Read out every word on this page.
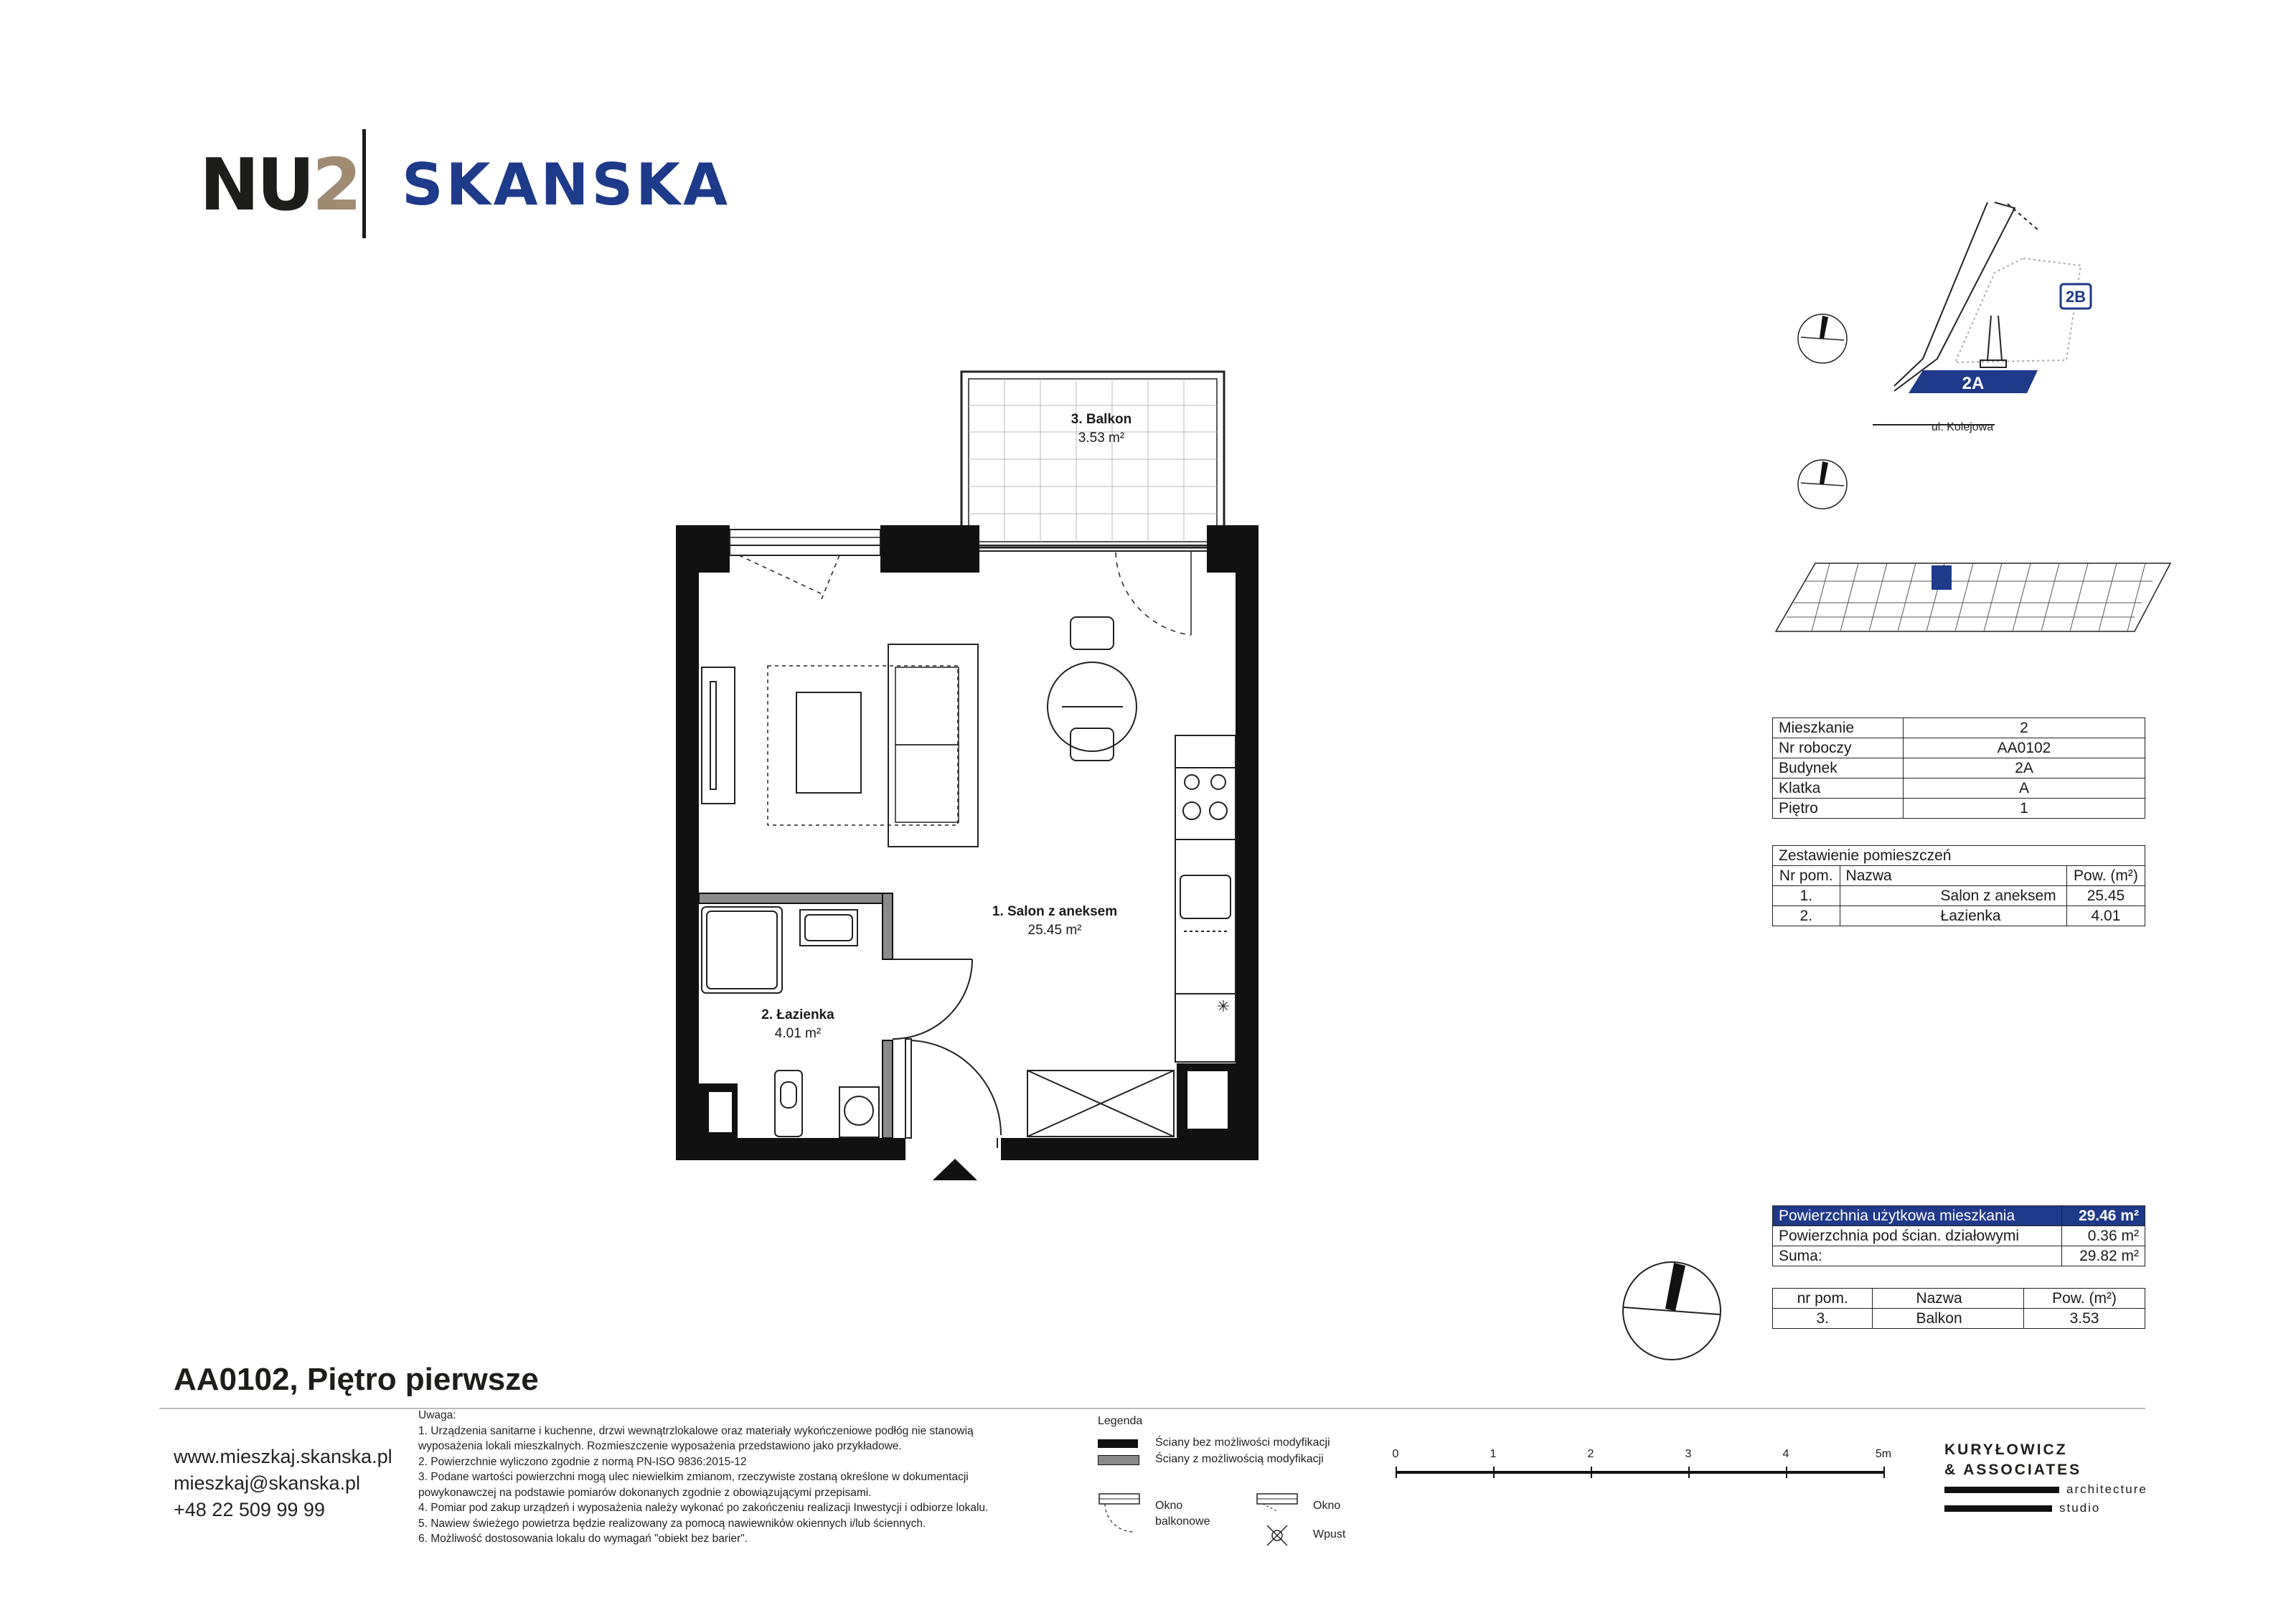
NU2 SKANSKA
✳
3. Balkon
3.53 m²
1. Salon z aneksem
25.45 m²
2. Łazienka
4.01 m²
2B
2A
ul. Kolejowa
Mieszkanie	2
Nr roboczy	AA0102
Budynek	2A
Klatka	A
Piętro	1
Zestawienie pomieszczeń		
Nr pom.	Nazwa	Pow. (m²)
1.	Salon z aneksem	25.45
2.	Łazienka	4.01
Powierzchnia użytkowa mieszkania	29.46 m²
Powierzchnia pod ścian. działowymi	0.36 m²
Suma:	29.82 m²
nr pom.	Nazwa	Pow. (m²)
3.	Balkon	3.53
AA0102, Piętro pierwsze
www.mieszkaj.skanska.pl
mieszkaj@skanska.pl
+48 22 509 99 99
Uwaga:
1. Urządzenia sanitarne i kuchenne, drzwi wewnątrzlokalowe oraz materiały wykończeniowe podłóg nie stanowią
wyposażenia lokali mieszkalnych. Rozmieszczenie wyposażenia przedstawiono jako przykładowe.
2. Powierzchnie wyliczono zgodnie z normą PN-ISO 9836:2015-12
3. Podane wartości powierzchni mogą ulec niewielkim zmianom, rzeczywiste zostaną określone w dokumentacji
powykonawczej na podstawie pomiarów dokonanych zgodnie z obowiązującymi przepisami.
4. Pomiar pod zakup urządzeń i wyposażenia należy wykonać po zakończeniu realizacji Inwestycji i odbiorze lokalu.
5. Nawiew świeżego powietrza będzie realizowany za pomocą nawiewników okiennych i/lub ściennych.
6. Możliwość dostosowania lokalu do wymagań "obiekt bez barier".
Legenda
Ściany bez możliwości modyfikacji
Ściany z możliwością modyfikacji
Okno
balkonowe
Okno
Wpust
0	1	2	3	4	5m	KURYŁOWICZ
& ASSOCIATES
architecture
studio
